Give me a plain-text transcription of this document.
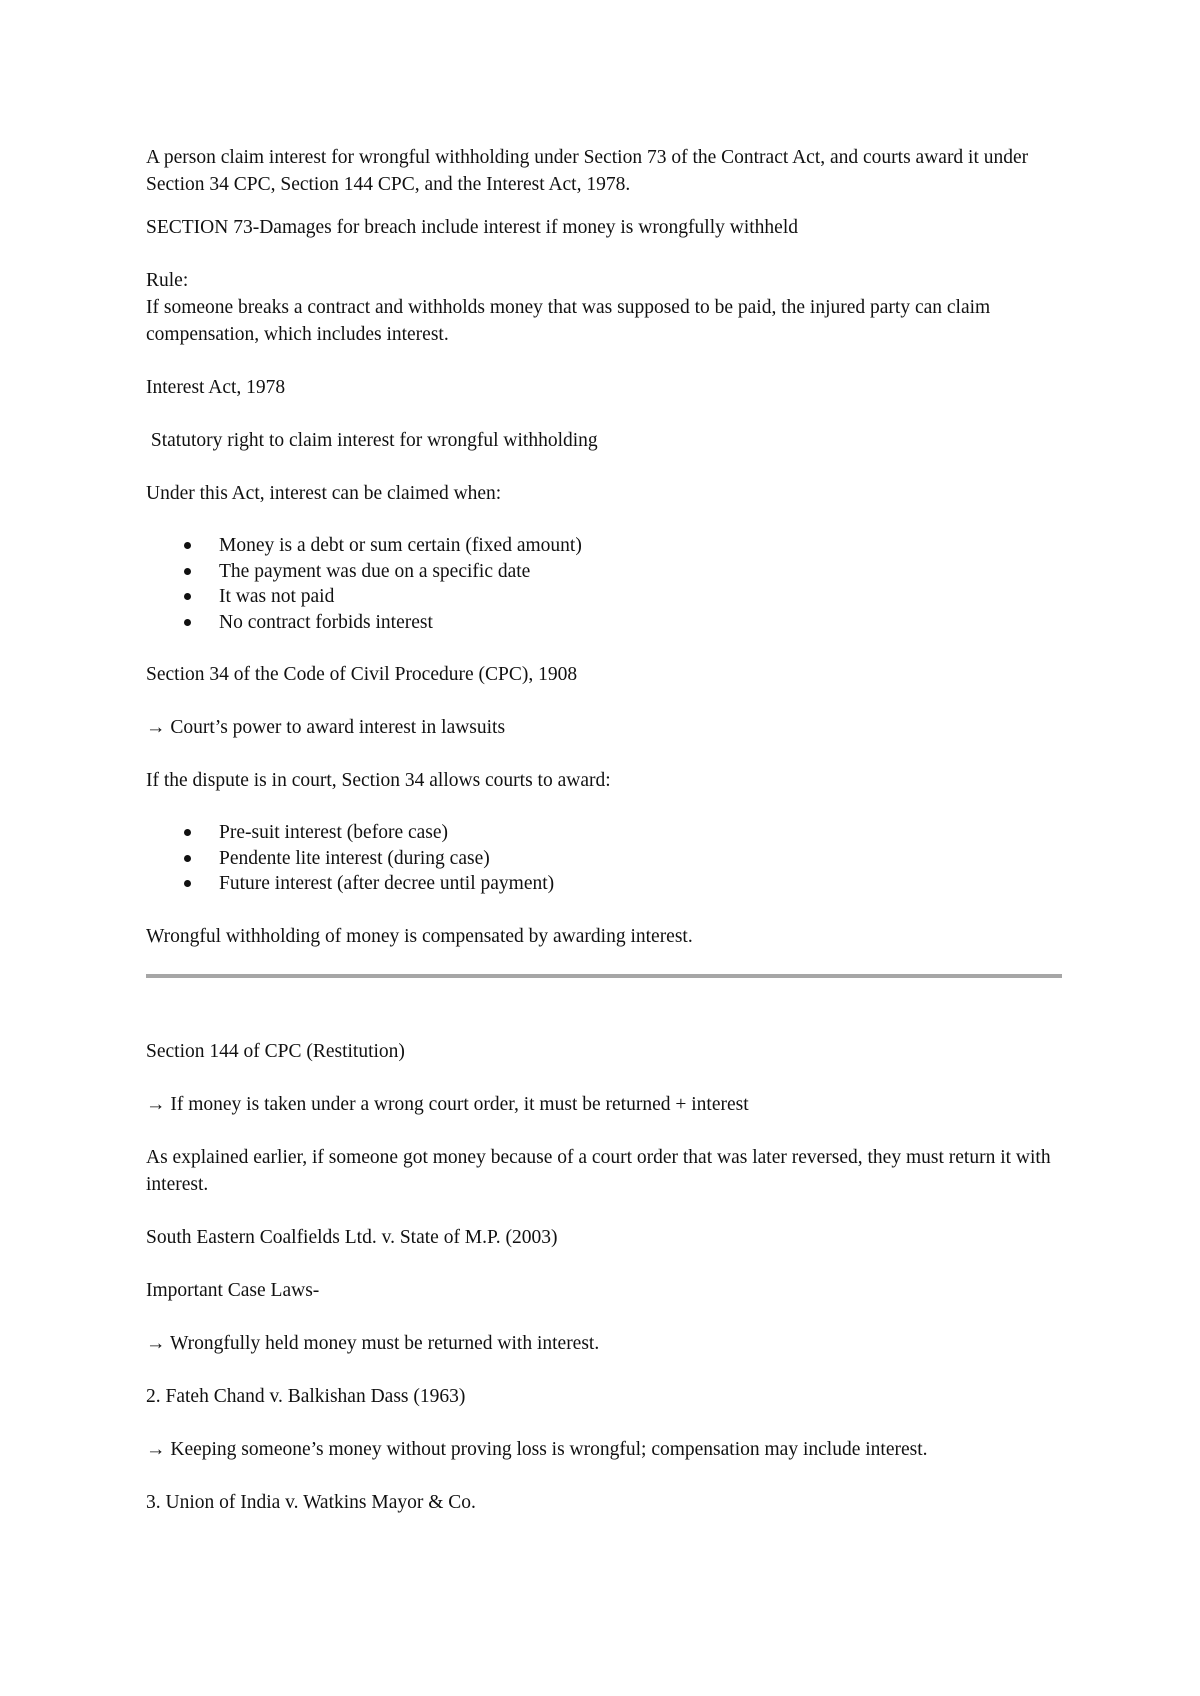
A person claim interest for wrongful withholding under Section 73 of the Contract Act, and courts award it under Section 34 CPC, Section 144 CPC, and the Interest Act, 1978.

SECTION 73-Damages for breach include interest if money is wrongfully withheld

Rule:

If someone breaks a contract and withholds money that was supposed to be paid, the injured party can claim compensation, which includes interest.

Interest Act, 1978

Statutory right to claim interest for wrongful withholding

Under this Act, interest can be claimed when:

Money is a debt or sum certain (fixed amount)
The payment was due on a specific date
It was not paid
No contract forbids interest

Section 34 of the Code of Civil Procedure (CPC), 1908

→ Court’s power to award interest in lawsuits

If the dispute is in court, Section 34 allows courts to award:

Pre-suit interest (before case)
Pendente lite interest (during case)
Future interest (after decree until payment)

Wrongful withholding of money is compensated by awarding interest.

Section 144 of CPC (Restitution)

→ If money is taken under a wrong court order, it must be returned + interest

As explained earlier, if someone got money because of a court order that was later reversed, they must return it with interest.

South Eastern Coalfields Ltd. v. State of M.P. (2003)

Important Case Laws-

→ Wrongfully held money must be returned with interest.

2. Fateh Chand v. Balkishan Dass (1963)

→ Keeping someone’s money without proving loss is wrongful; compensation may include interest.

3. Union of India v. Watkins Mayor & Co.
